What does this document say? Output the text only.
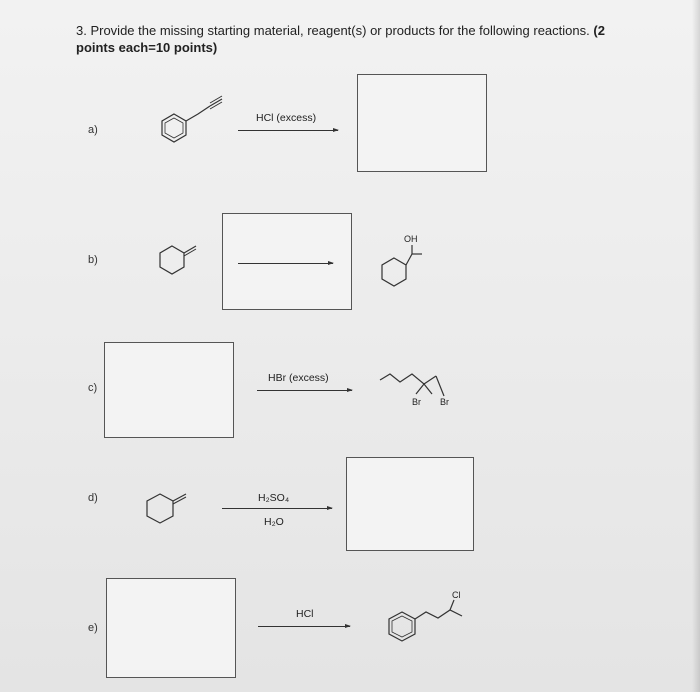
3. Provide the missing starting material, reagent(s) or products for the following reactions. (2 points each=10 points)
a)
HCl (excess)
b)
OH
c)
HBr (excess)
Br Br
d)	H₂SO₄
H₂O
e)
HCl
Cl
